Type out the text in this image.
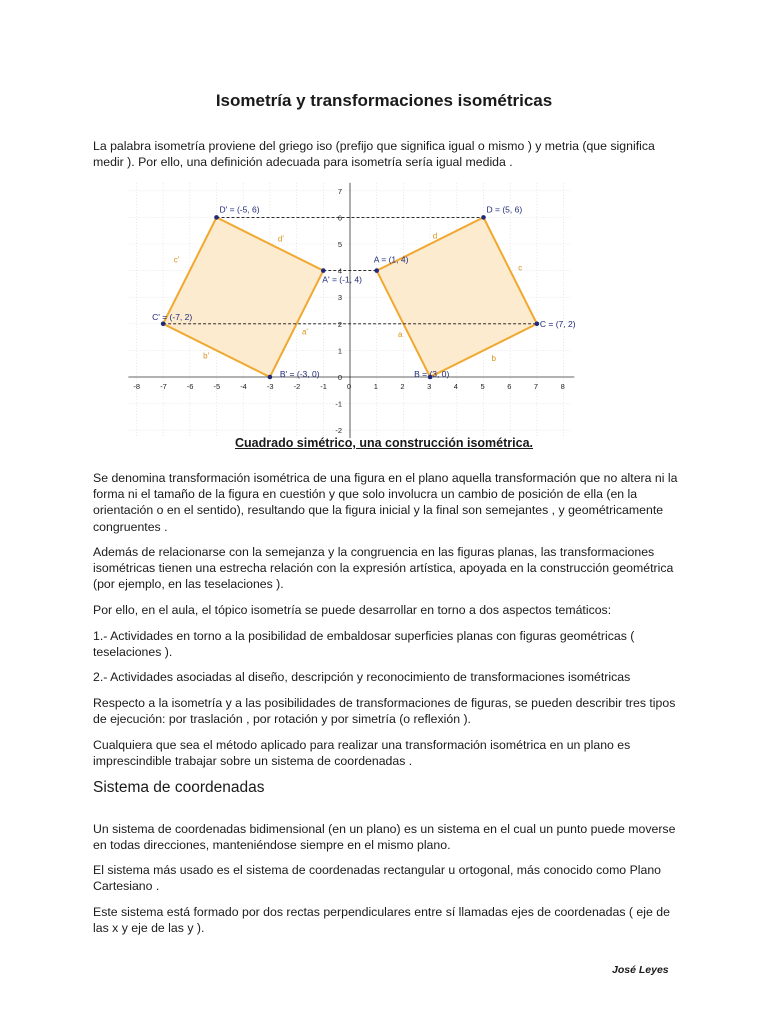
Isometría y transformaciones isométricas

La palabra isometría proviene del griego iso (prefijo que significa igual o mismo ) y metria (que significa medir ). Por ello, una definición adecuada para isometría sería igual medida .

-8	-7	-6	-5	-4	-3	-2	-1	0	1	2	3	4	5	6	7	8
7
6
5
4
3
2
1
0
-1
-2
a
b
c
d
a'
b'
c'
d'
A = (1, 4)
B = (3, 0)
C = (7, 2)
D = (5, 6)
A' = (-1, 4)
B' = (-3, 0)
C' = (-7, 2)
D' = (-5, 6)

Cuadrado simétrico, una construcción isométrica.

Se denomina transformación isométrica de una figura en el plano aquella transformación que no altera ni la forma ni el tamaño de la figura en cuestión y que solo involucra un cambio de posición de ella (en la orientación o en el sentido), resultando que la figura inicial y la final son semejantes , y geométricamente congruentes .

Además de relacionarse con la semejanza y la congruencia en las figuras planas, las transformaciones isométricas tienen una estrecha relación con la expresión artística, apoyada en la construcción geométrica (por ejemplo, en las teselaciones ).

Por ello, en el aula, el tópico isometría se puede desarrollar en torno a dos aspectos temáticos:

1.- Actividades en torno a la posibilidad de embaldosar superficies planas con figuras geométricas ( teselaciones ).

2.- Actividades asociadas al diseño, descripción y reconocimiento de transformaciones isométricas

Respecto a la isometría y a las posibilidades de transformaciones de figuras, se pueden describir tres tipos de ejecución: por traslación , por rotación y por simetría (o reflexión ).

Cualquiera que sea el método aplicado para realizar una transformación isométrica en un plano es imprescindible trabajar sobre un sistema de coordenadas .

Sistema de coordenadas

Un sistema de coordenadas bidimensional (en un plano) es un sistema en el cual un punto puede moverse en todas direcciones, manteniéndose siempre en el mismo plano.

El sistema más usado es el sistema de coordenadas rectangular u ortogonal, más conocido como Plano Cartesiano .

Este sistema está formado por dos rectas perpendiculares entre sí llamadas ejes de coordenadas ( eje de las x y eje de las y ).

José Leyes
